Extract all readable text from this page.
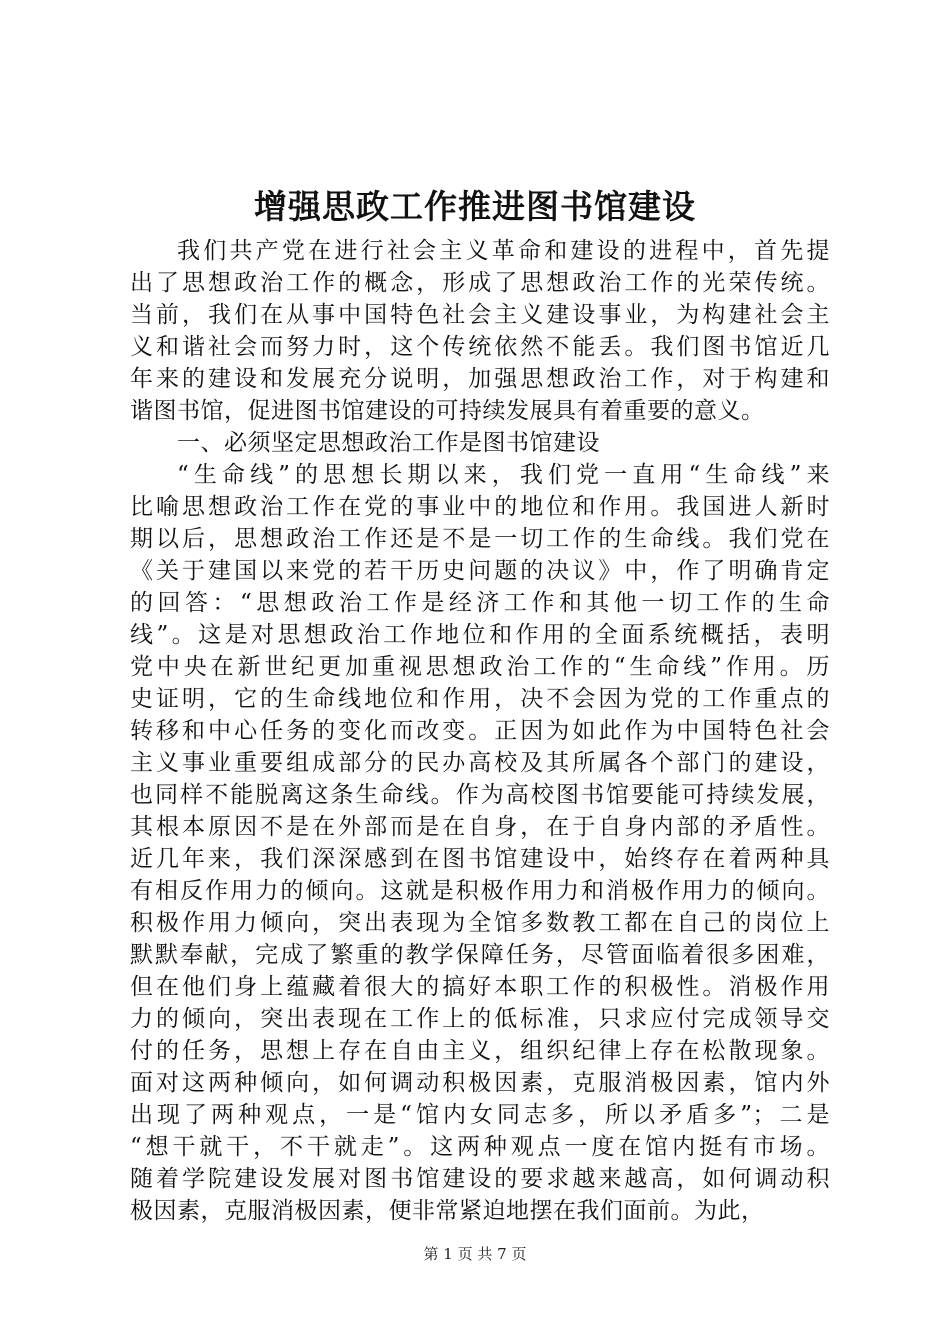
增强思政工作推进图书馆建设
我们共产党在进行社会主义革命和建设的进程中，首先提
出了思想政治工作的概念，形成了思想政治工作的光荣传统。
当前，我们在从事中国特色社会主义建设事业，为构建社会主
义和谐社会而努力时，这个传统依然不能丢。我们图书馆近几
年来的建设和发展充分说明，加强思想政治工作，对于构建和
谐图书馆，促进图书馆建设的可持续发展具有着重要的意义。
一、必须坚定思想政治工作是图书馆建设
“生命线”的思想长期以来，我们党一直用“生命线”来
比喻思想政治工作在党的事业中的地位和作用。我国进人新时
期以后，思想政治工作还是不是一切工作的生命线。我们党在
《关于建国以来党的若干历史问题的决议》中，作了明确肯定
的回答：“思想政治工作是经济工作和其他一切工作的生命
线”。这是对思想政治工作地位和作用的全面系统概括，表明
党中央在新世纪更加重视思想政治工作的“生命线”作用。历
史证明，它的生命线地位和作用，决不会因为党的工作重点的
转移和中心任务的变化而改变。正因为如此作为中国特色社会
主义事业重要组成部分的民办高校及其所属各个部门的建设，
也同样不能脱离这条生命线。作为高校图书馆要能可持续发展，
其根本原因不是在外部而是在自身，在于自身内部的矛盾性。
近几年来，我们深深感到在图书馆建设中，始终存在着两种具
有相反作用力的倾向。这就是积极作用力和消极作用力的倾向。
积极作用力倾向，突出表现为全馆多数教工都在自己的岗位上
默默奉献，完成了繁重的教学保障任务，尽管面临着很多困难，
但在他们身上蕴藏着很大的搞好本职工作的积极性。消极作用
力的倾向，突出表现在工作上的低标准，只求应付完成领导交
付的任务，思想上存在自由主义，组织纪律上存在松散现象。
面对这两种倾向，如何调动积极因素，克服消极因素，馆内外
出现了两种观点，一是“馆内女同志多，所以矛盾多”；二是
“想干就干，不干就走”。这两种观点一度在馆内挺有市场。
随着学院建设发展对图书馆建设的要求越来越高，如何调动积
极因素，克服消极因素，便非常紧迫地摆在我们面前。为此，
第 1 页 共 7 页
